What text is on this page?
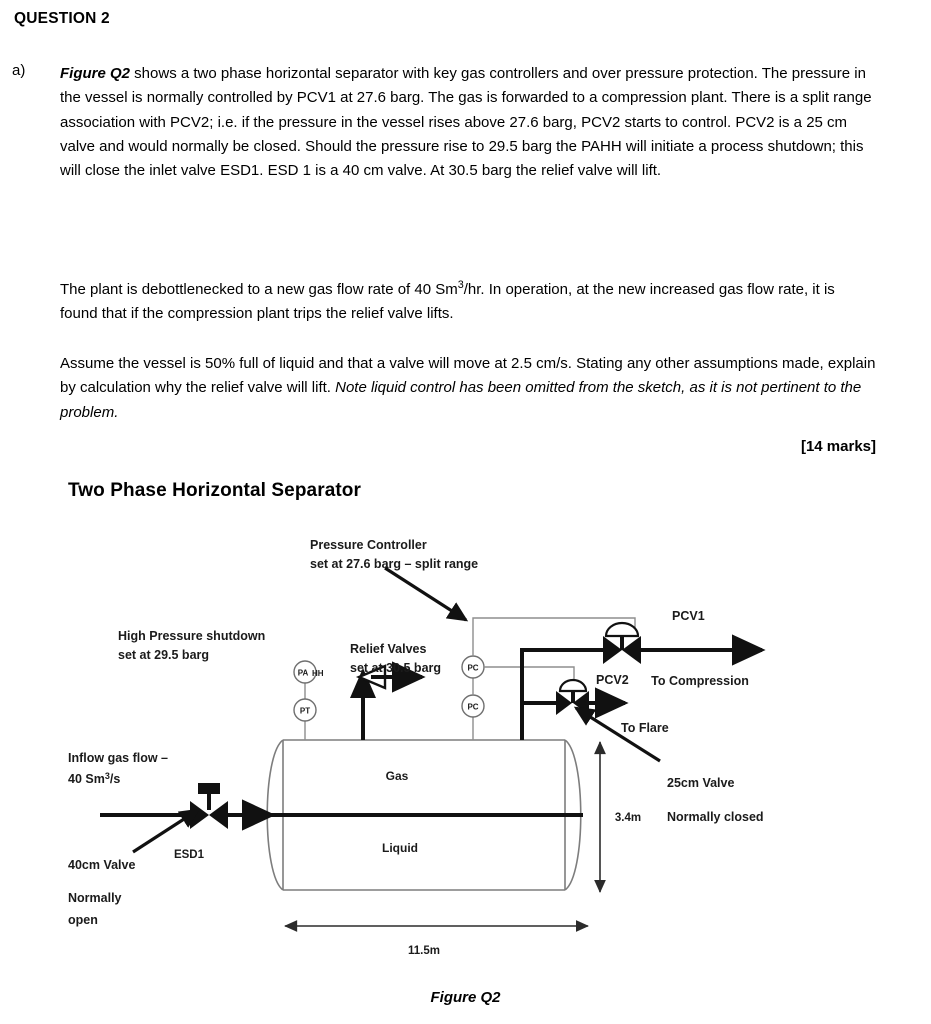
QUESTION 2
a) Figure Q2 shows a two phase horizontal separator with key gas controllers and over pressure protection. The pressure in the vessel is normally controlled by PCV1 at 27.6 barg. The gas is forwarded to a compression plant. There is a split range association with PCV2; i.e. if the pressure in the vessel rises above 27.6 barg, PCV2 starts to control. PCV2 is a 25 cm valve and would normally be closed. Should the pressure rise to 29.5 barg the PAHH will initiate a process shutdown; this will close the inlet valve ESD1. ESD 1 is a 40 cm valve. At 30.5 barg the relief valve will lift.
The plant is debottlenecked to a new gas flow rate of 40 Sm$^3$/hr. In operation, at the new increased gas flow rate, it is found that if the compression plant trips the relief valve lifts.
Assume the vessel is 50% full of liquid and that a valve will move at 2.5 cm/s. Stating any other assumptions made, explain by calculation why the relief valve will lift. Note liquid control has been omitted from the sketch, as it is not pertinent to the problem.
[14 marks]
Two Phase Horizontal Separator
Gas
Liquid
ESD1
PT
PA HH
PC
PC
PCV1
To Compression
PCV2
To Flare
3.4m
11.5m
Pressure Controller
set at 27.6 barg – split range
High Pressure shutdown
set at 29.5 barg	Relief Valves
set at 30.5 barg
Inflow gas flow –
40 Sm$^3$/s
40cm Valve
Normally
open
25cm Valve
Normally closed
Figure Q2
